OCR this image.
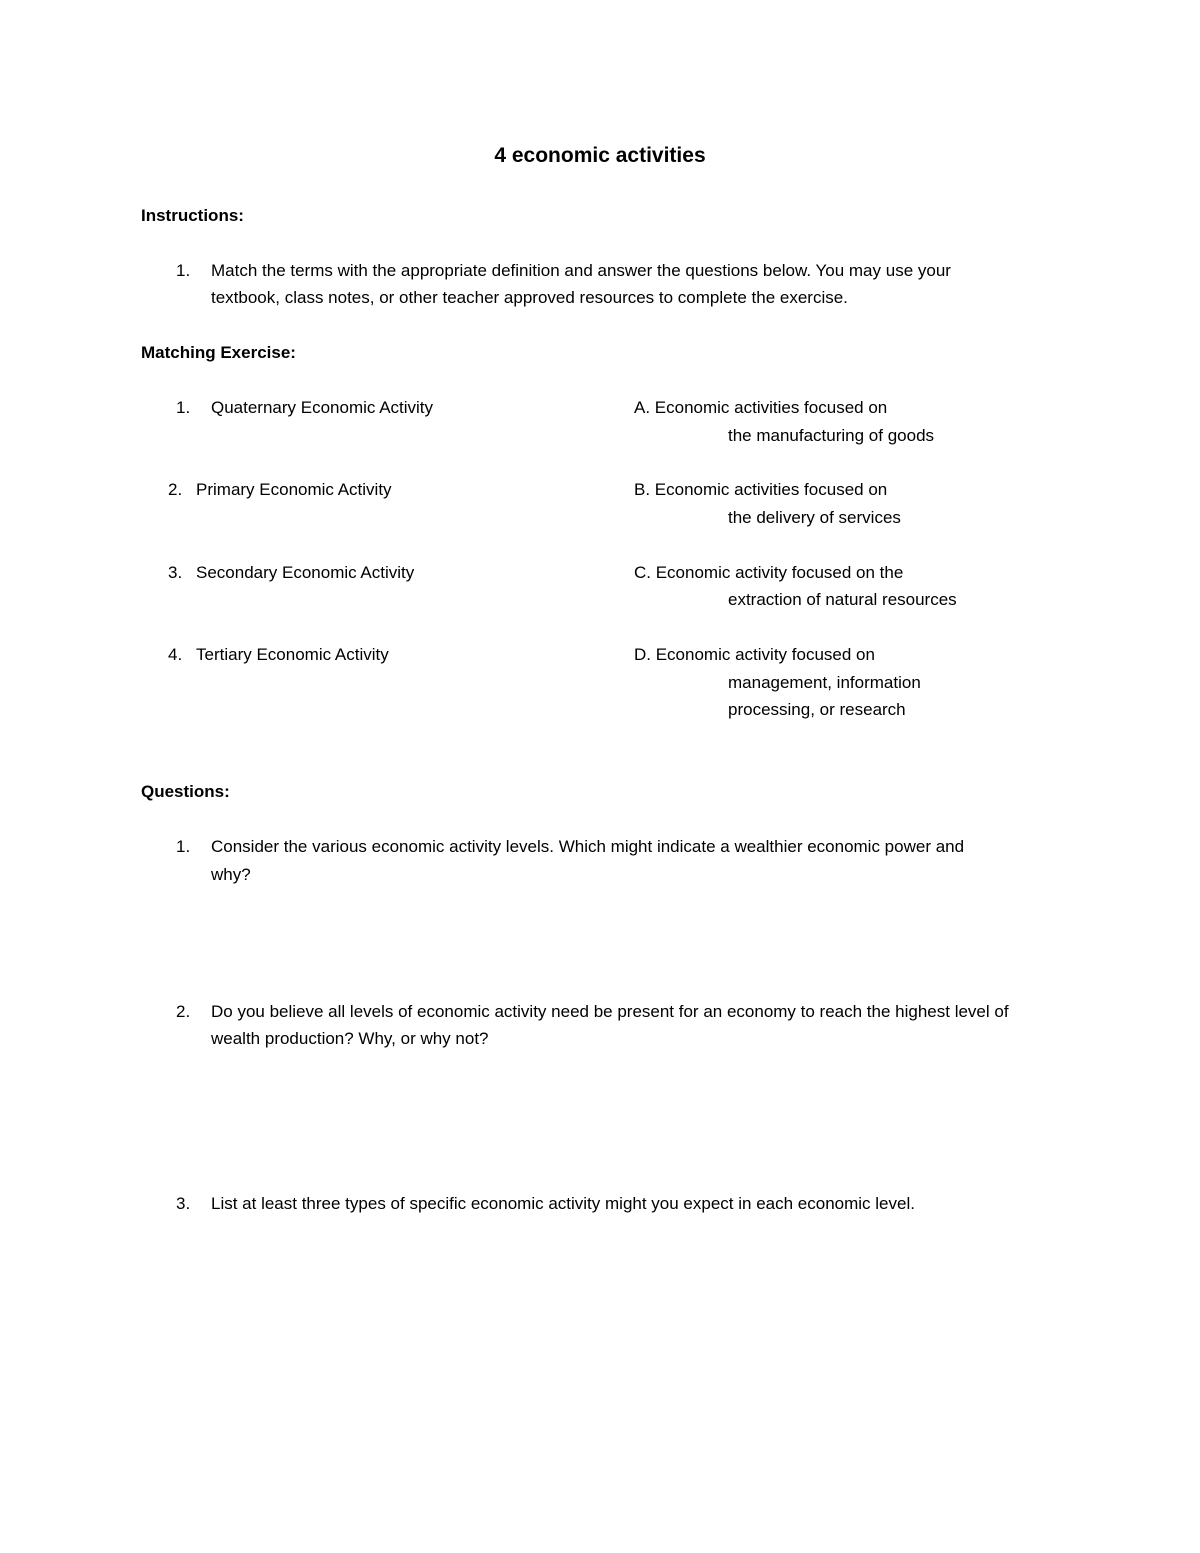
4 economic activities
Instructions:
1. Match the terms with the appropriate definition and answer the questions below. You may use your
textbook, class notes, or other teacher approved resources to complete the exercise.
Matching Exercise:
1. Quaternary Economic Activity
2. Primary Economic Activity
3. Secondary Economic Activity
4. Tertiary Economic Activity
A. Economic activities focused on
the manufacturing of goods
B. Economic activities focused on
the delivery of services
C. Economic activity focused on the
extraction of natural resources
D. Economic activity focused on
management, information
processing, or research
Questions:
1. Consider the various economic activity levels. Which might indicate a wealthier economic power and
why?
2. Do you believe all levels of economic activity need be present for an economy to reach the highest level of
wealth production? Why, or why not?
3. List at least three types of specific economic activity might you expect in each economic level.
